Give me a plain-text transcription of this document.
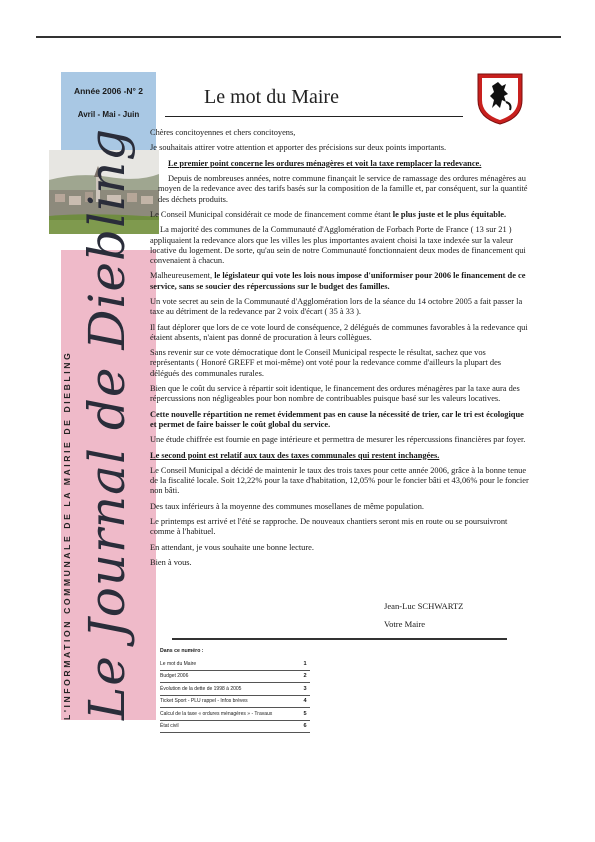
Année 2006 -N° 2
Avril - Mai - Juin
L'INFORMATION COMMUNALE DE LA MAIRIE DE DIEBLING Le Journal de Diebling
Le mot du Maire

Chères concitoyennes et chers concitoyens,

Je souhaitais attirer votre attention et apporter des précisions sur deux points importants.

Le premier point concerne les ordures ménagères et voit la taxe remplacer la redevance.

Depuis de nombreuses années, notre commune finançait le service de ramassage des ordures ménagères au moyen de la redevance avec des tarifs basés sur la composition de la famille et, par conséquent, sur la quantité des déchets produits.

Le Conseil Municipal considérait ce mode de financement comme étant le plus juste et le plus équitable.

La majorité des communes de la Communauté d'Agglomération de Forbach Porte de France ( 13 sur 21 ) appliquaient la redevance alors que les villes les plus importantes avaient choisi la taxe indexée sur la valeur locative du logement. De sorte, qu'au sein de notre Communauté fonctionnaient deux modes de financement qui convenaient à chacun.

Malheureusement, le législateur qui vote les lois nous impose d'uniformiser pour 2006 le financement de ce service, sans se soucier des répercussions sur le budget des familles.

Un vote secret au sein de la Communauté d'Agglomération lors de la séance du 14 octobre 2005 a fait passer la taxe au détriment de la redevance par 2 voix d'écart ( 35 à 33 ).

Il faut déplorer que lors de ce vote lourd de conséquence, 2 délégués de communes favorables à la redevance qui étaient absents, n'aient pas donné de procuration à leurs collègues.

Sans revenir sur ce vote démocratique dont le Conseil Municipal respecte le résultat, sachez que vos représentants ( Honoré GREFF et moi-même) ont voté pour la redevance comme d'ailleurs la plupart des délégués des communales rurales.

Bien que le coût du service à répartir soit identique, le financement des ordures ménagères par la taxe aura des répercussions non négligeables pour bon nombre de contribuables puisque basé sur les valeurs locatives.

Cette nouvelle répartition ne remet évidemment pas en cause la nécessité de trier, car le tri est écologique et permet de faire baisser le coût global du service.

Une étude chiffrée est fournie en page intérieure et permettra de mesurer les répercussions financières par foyer.

Le second point est relatif aux taux des taxes communales qui restent inchangées.

Le Conseil Municipal a décidé de maintenir le taux des trois taxes pour cette année 2006, grâce à la bonne tenue de la fiscalité locale. Soit 12,22% pour la taxe d'habitation, 12,05% pour le foncier bâti et 43,06% pour le foncier non bâti.

Des taux inférieurs à la moyenne des communes mosellanes de même population.

Le printemps est arrivé et l'été se rapproche. De nouveaux chantiers seront mis en route ou se poursuivront comme à l'habituel.

En attendant, je vous souhaite une bonne lecture.

Bien à vous.

Jean-Luc SCHWARTZ
Votre Maire
Dans ce numéro :
Le mot du Maire	1
Budget 2006	2
Évolution de la dette de 1998 à 2005	3
Ticket Sport - PLU rappel - Infos brèves	4
Calcul de la taxe « ordures ménagères » - Travaux	5
État civil	6
